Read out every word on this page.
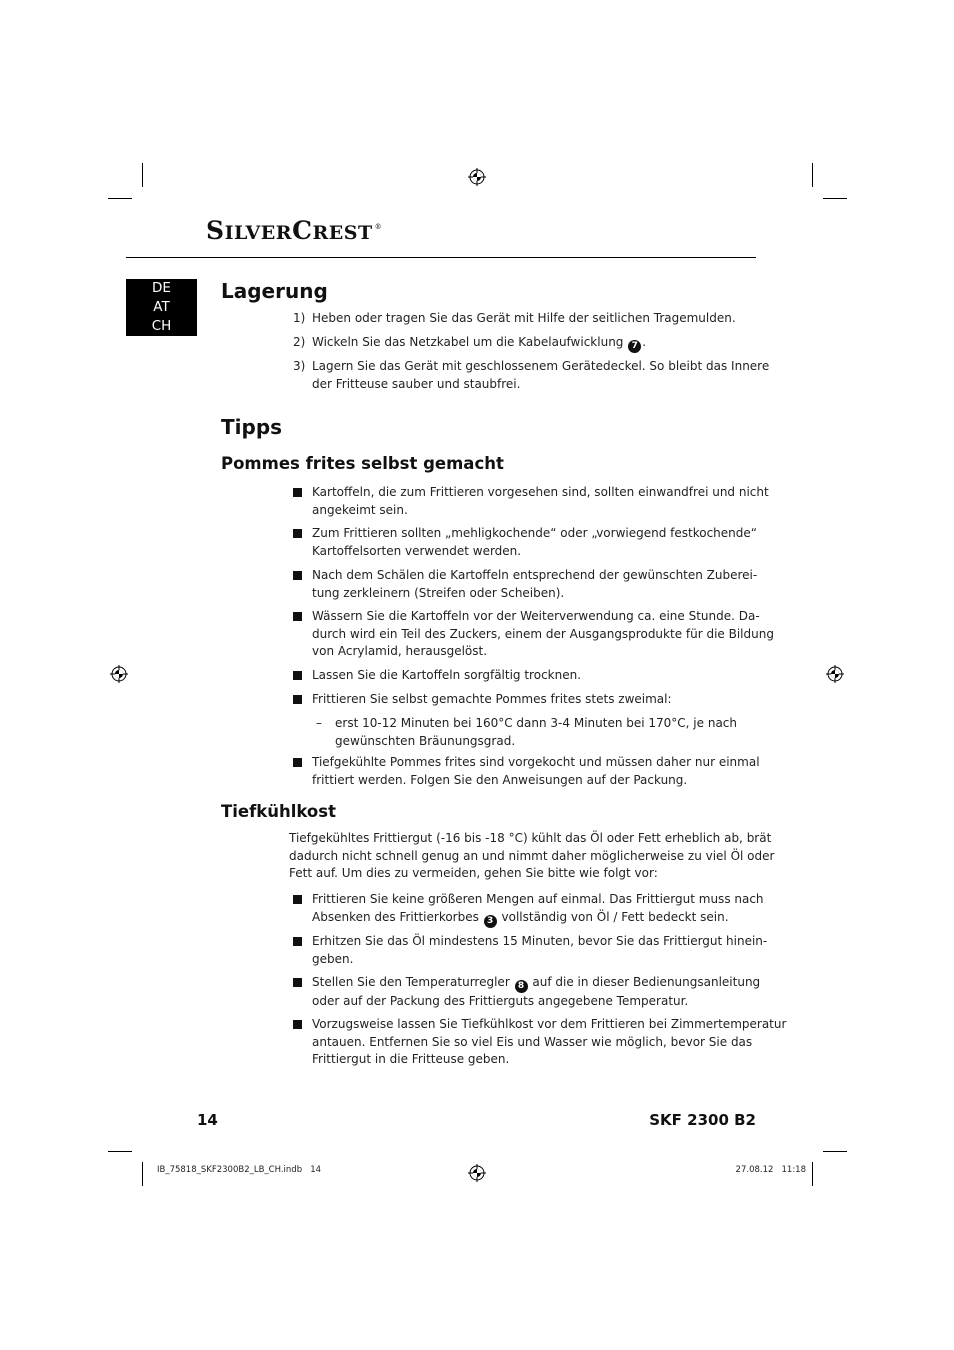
SILVERCREST ®
DE
AT
CH
Lagerung
1) Heben oder tragen Sie das Gerät mit Hilfe der seitlichen Tragemulden.

2) Wickeln Sie das Netzkabel um die Kabelaufwicklung 7 .

3) Lagern Sie das Gerät mit geschlossenem Gerätedeckel. So bleibt das Innere
der Fritteuse sauber und staubfrei.

Tipps
Pommes frites selbst gemacht

Kartoffeln, die zum Frittieren vorgesehen sind, sollten einwandfrei und nicht
angekeimt sein.

Zum Frittieren sollten „mehligkochende“ oder „vorwiegend festkochende“
Kartoffelsorten verwendet werden.

Nach dem Schälen die Kartoffeln entsprechend der gewünschten Zuberei-
tung zerkleinern (Streifen oder Scheiben).

Wässern Sie die Kartoffeln vor der Weiterverwendung ca. eine Stunde. Da-
durch wird ein Teil des Zuckers, einem der Ausgangsprodukte für die Bildung
von Acrylamid, herausgelöst.

Lassen Sie die Kartoffeln sorgfältig trocknen.

Frittieren Sie selbst gemachte Pommes frites stets zweimal:

– erst 10-12 Minuten bei 160°C dann 3-4 Minuten bei 170°C, je nach
gewünschten Bräunungsgrad.

Tiefgekühlte Pommes frites sind vorgekocht und müssen daher nur einmal
frittiert werden. Folgen Sie den Anweisungen auf der Packung.

Tiefkühlkost

Tiefgekühltes Frittiergut (-16 bis -18 °C) kühlt das Öl oder Fett erheblich ab, brät
dadurch nicht schnell genug an und nimmt daher möglicherweise zu viel Öl oder
Fett auf. Um dies zu vermeiden, gehen Sie bitte wie folgt vor:

Frittieren Sie keine größeren Mengen auf einmal. Das Frittiergut muss nach
Absenken des Frittierkorbes 3 vollständig von Öl / Fett bedeckt sein.

Erhitzen Sie das Öl mindestens 15 Minuten, bevor Sie das Frittiergut hinein-
geben.

Stellen Sie den Temperaturregler 8 auf die in dieser Bedienungsanleitung
oder auf der Packung des Frittierguts angegebene Temperatur.

Vorzugsweise lassen Sie Tiefkühlkost vor dem Frittieren bei Zimmertemperatur
antauen. Entfernen Sie so viel Eis und Wasser wie möglich, bevor Sie das
Frittiergut in die Fritteuse geben.

14	SKF 2300 B2
IB_75818_SKF2300B2_LB_CH.indb   14	27.08.12   11:18
